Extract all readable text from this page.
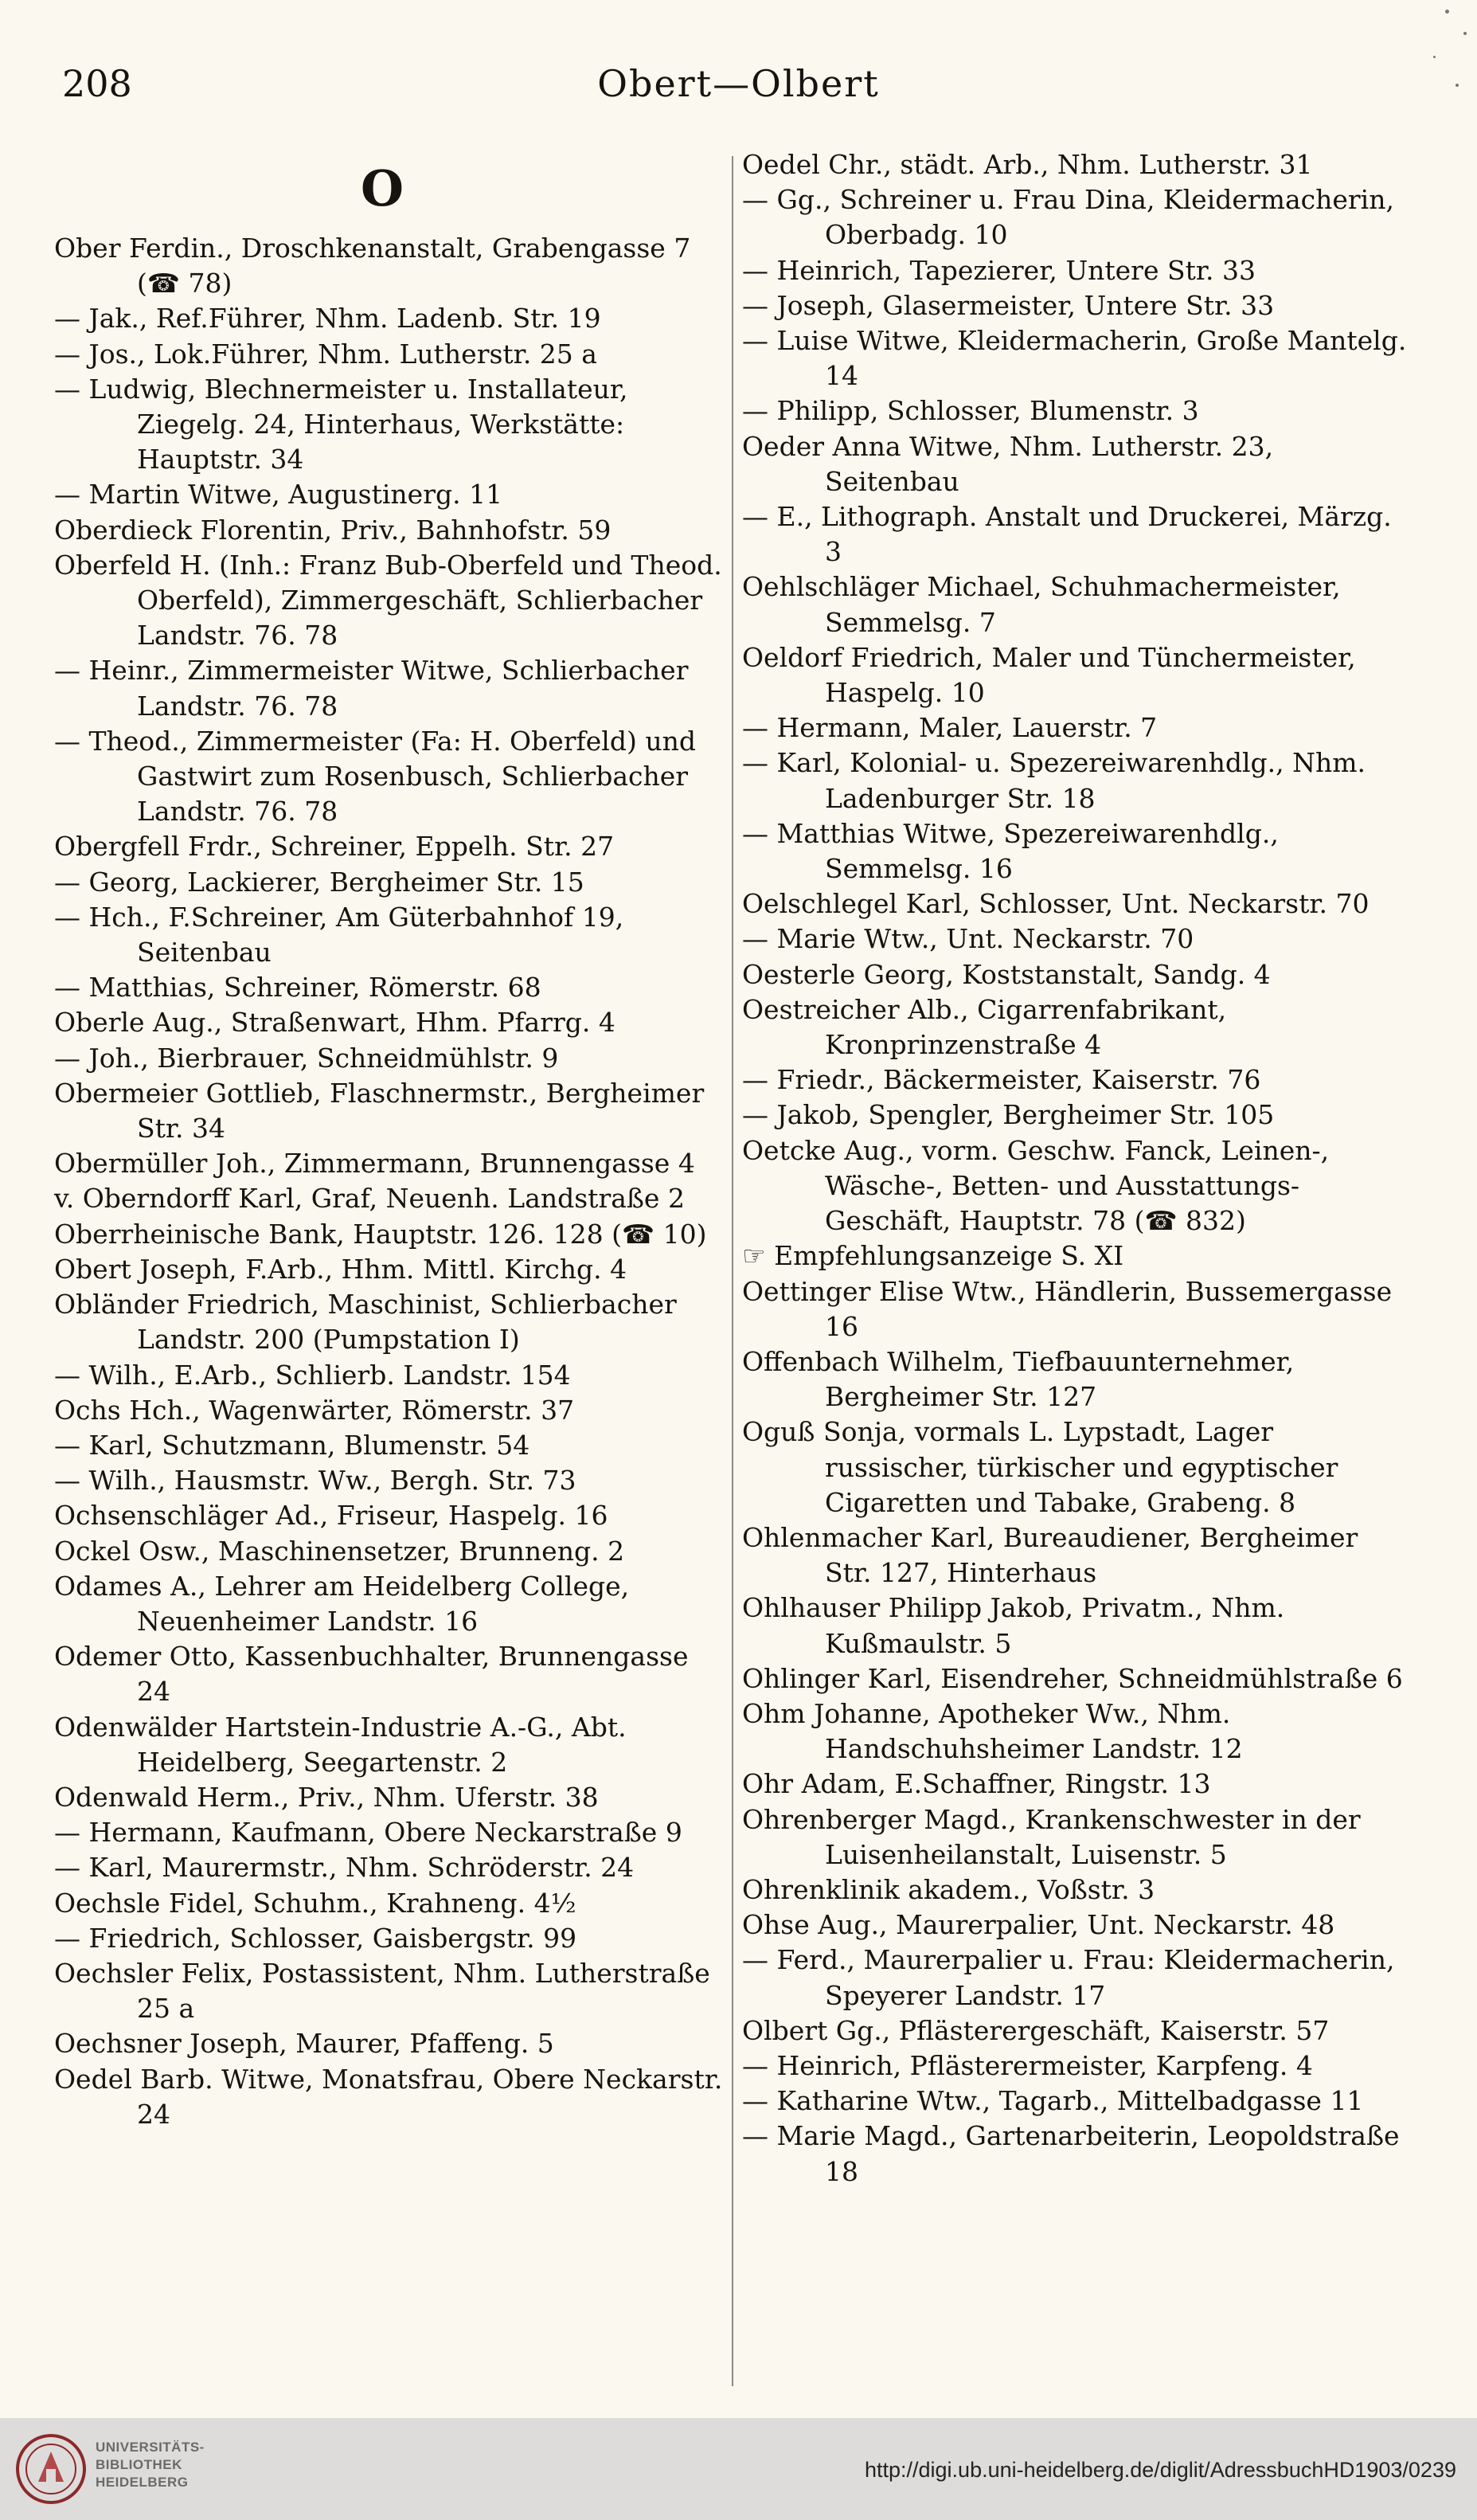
208	Obert—Olbert
O
Ober Ferdin., Droschkenanstalt, Grabengasse 7 (☎ 78)
— Jak., Ref.Führer, Nhm. Ladenb. Str. 19
— Jos., Lok.Führer, Nhm. Lutherstr. 25 a
— Ludwig, Blechnermeister u. Installateur, Ziegelg. 24, Hinterhaus, Werkstätte: Hauptstr. 34
— Martin Witwe, Augustinerg. 11
Oberdieck Florentin, Priv., Bahnhofstr. 59
Oberfeld H. (Inh.: Franz Bub-Oberfeld und Theod. Oberfeld), Zimmergeschäft, Schlierbacher Landstr. 76. 78
— Heinr., Zimmermeister Witwe, Schlierbacher Landstr. 76. 78
— Theod., Zimmermeister (Fa: H. Oberfeld) und Gastwirt zum Rosenbusch, Schlierbacher Landstr. 76. 78
Obergfell Frdr., Schreiner, Eppelh. Str. 27
— Georg, Lackierer, Bergheimer Str. 15
— Hch., F.Schreiner, Am Güterbahnhof 19, Seitenbau
— Matthias, Schreiner, Römerstr. 68
Oberle Aug., Straßenwart, Hhm. Pfarrg. 4
— Joh., Bierbrauer, Schneidmühlstr. 9
Obermeier Gottlieb, Flaschnermstr., Bergheimer Str. 34
Obermüller Joh., Zimmermann, Brunnengasse 4
v. Oberndorff Karl, Graf, Neuenh. Landstraße 2
Oberrheinische Bank, Hauptstr. 126. 128 (☎ 10)
Obert Joseph, F.Arb., Hhm. Mittl. Kirchg. 4
Obländer Friedrich, Maschinist, Schlierbacher Landstr. 200 (Pumpstation I)
— Wilh., E.Arb., Schlierb. Landstr. 154
Ochs Hch., Wagenwärter, Römerstr. 37
— Karl, Schutzmann, Blumenstr. 54
— Wilh., Hausmstr. Ww., Bergh. Str. 73
Ochsenschläger Ad., Friseur, Haspelg. 16
Ockel Osw., Maschinensetzer, Brunneng. 2
Odames A., Lehrer am Heidelberg College, Neuenheimer Landstr. 16
Odemer Otto, Kassenbuchhalter, Brunnengasse 24
Odenwälder Hartstein-Industrie A.-G., Abt. Heidelberg, Seegartenstr. 2
Odenwald Herm., Priv., Nhm. Uferstr. 38
— Hermann, Kaufmann, Obere Neckarstraße 9
— Karl, Maurermstr., Nhm. Schröderstr. 24
Oechsle Fidel, Schuhm., Krahneng. 4½
— Friedrich, Schlosser, Gaisbergstr. 99
Oechsler Felix, Postassistent, Nhm. Lutherstraße 25 a
Oechsner Joseph, Maurer, Pfaffeng. 5
Oedel Barb. Witwe, Monatsfrau, Obere Neckarstr. 24
Oedel Chr., städt. Arb., Nhm. Lutherstr. 31
— Gg., Schreiner u. Frau Dina, Kleidermacherin, Oberbadg. 10
— Heinrich, Tapezierer, Untere Str. 33
— Joseph, Glasermeister, Untere Str. 33
— Luise Witwe, Kleidermacherin, Große Mantelg. 14
— Philipp, Schlosser, Blumenstr. 3
Oeder Anna Witwe, Nhm. Lutherstr. 23, Seitenbau
— E., Lithograph. Anstalt und Druckerei, Märzg. 3
Oehlschläger Michael, Schuhmachermeister, Semmelsg. 7
Oeldorf Friedrich, Maler und Tünchermeister, Haspelg. 10
— Hermann, Maler, Lauerstr. 7
— Karl, Kolonial- u. Spezereiwarenhdlg., Nhm. Ladenburger Str. 18
— Matthias Witwe, Spezereiwarenhdlg., Semmelsg. 16
Oelschlegel Karl, Schlosser, Unt. Neckarstr. 70
— Marie Wtw., Unt. Neckarstr. 70
Oesterle Georg, Koststanstalt, Sandg. 4
Oestreicher Alb., Cigarrenfabrikant, Kronprinzenstraße 4
— Friedr., Bäckermeister, Kaiserstr. 76
— Jakob, Spengler, Bergheimer Str. 105
Oetcke Aug., vorm. Geschw. Fanck, Leinen-, Wäsche-, Betten- und Ausstattungs-Geschäft, Hauptstr. 78 (☎ 832)
☞ Empfehlungsanzeige S. XI
Oettinger Elise Wtw., Händlerin, Bussemergasse 16
Offenbach Wilhelm, Tiefbauunternehmer, Bergheimer Str. 127
Oguß Sonja, vormals L. Lypstadt, Lager russischer, türkischer und egyptischer Cigaretten und Tabake, Grabeng. 8
Ohlenmacher Karl, Bureaudiener, Bergheimer Str. 127, Hinterhaus
Ohlhauser Philipp Jakob, Privatm., Nhm. Kußmaulstr. 5
Ohlinger Karl, Eisendreher, Schneidmühlstraße 6
Ohm Johanne, Apotheker Ww., Nhm. Handschuhsheimer Landstr. 12
Ohr Adam, E.Schaffner, Ringstr. 13
Ohrenberger Magd., Krankenschwester in der Luisenheilanstalt, Luisenstr. 5
Ohrenklinik akadem., Voßstr. 3
Ohse Aug., Maurerpalier, Unt. Neckarstr. 48
— Ferd., Maurerpalier u. Frau: Kleidermacherin, Speyerer Landstr. 17
Olbert Gg., Pflästerergeschäft, Kaiserstr. 57
— Heinrich, Pflästerermeister, Karpfeng. 4
— Katharine Wtw., Tagarb., Mittelbadgasse 11
— Marie Magd., Gartenarbeiterin, Leopoldstraße 18
UNIVERSITÄTS-
BIBLIOTHEK
HEIDELBERG
http://digi.ub.uni-heidelberg.de/diglit/AdressbuchHD1903/0239
